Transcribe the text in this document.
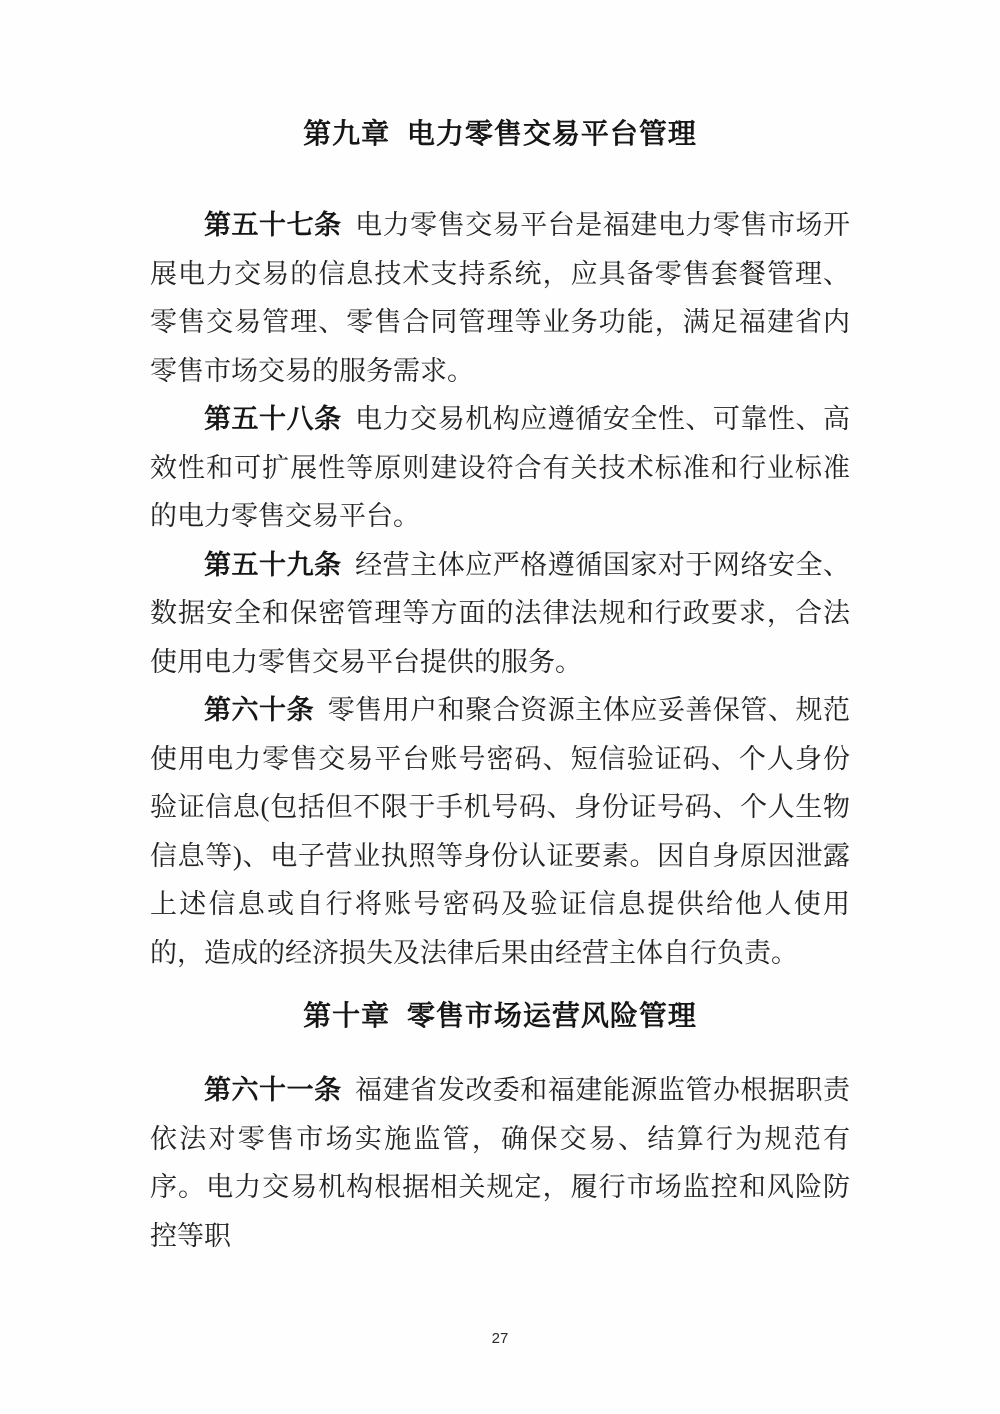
第九章 电力零售交易平台管理

第五十七条 电力零售交易平台是福建电力零售市场开展电力交易的信息技术支持系统，应具备零售套餐管理、零售交易管理、零售合同管理等业务功能，满足福建省内零售市场交易的服务需求。

第五十八条 电力交易机构应遵循安全性、可靠性、高效性和可扩展性等原则建设符合有关技术标准和行业标准的电力零售交易平台。

第五十九条 经营主体应严格遵循国家对于网络安全、数据安全和保密管理等方面的法律法规和行政要求，合法使用电力零售交易平台提供的服务。

第六十条 零售用户和聚合资源主体应妥善保管、规范使用电力零售交易平台账号密码、短信验证码、个人身份验证信息(包括但不限于手机号码、身份证号码、个人生物信息等)、电子营业执照等身份认证要素。因自身原因泄露上述信息或自行将账号密码及验证信息提供给他人使用的，造成的经济损失及法律后果由经营主体自行负责。

第十章 零售市场运营风险管理

第六十一条 福建省发改委和福建能源监管办根据职责依法对零售市场实施监管，确保交易、结算行为规范有序。电力交易机构根据相关规定，履行市场监控和风险防控等职

27
